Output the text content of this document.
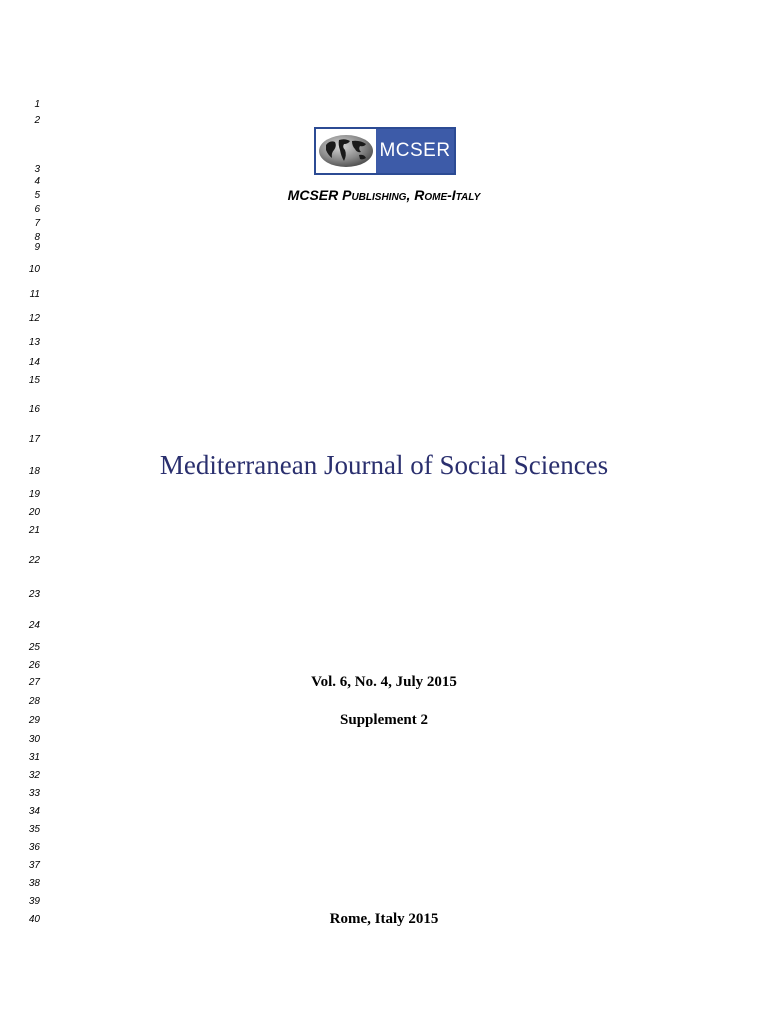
1
2
3
4
5
6
7
8
9
10
11
12
13
14
15
16
17
18
19
20
21
22
23
24
25
26
27
28
29
30
31
32
33
34
35
36
37
38
39
40
MCSER
MCSER Publishing, Rome-Italy
Mediterranean Journal of Social Sciences
Vol. 6, No. 4, July 2015
Supplement 2
Rome, Italy 2015
